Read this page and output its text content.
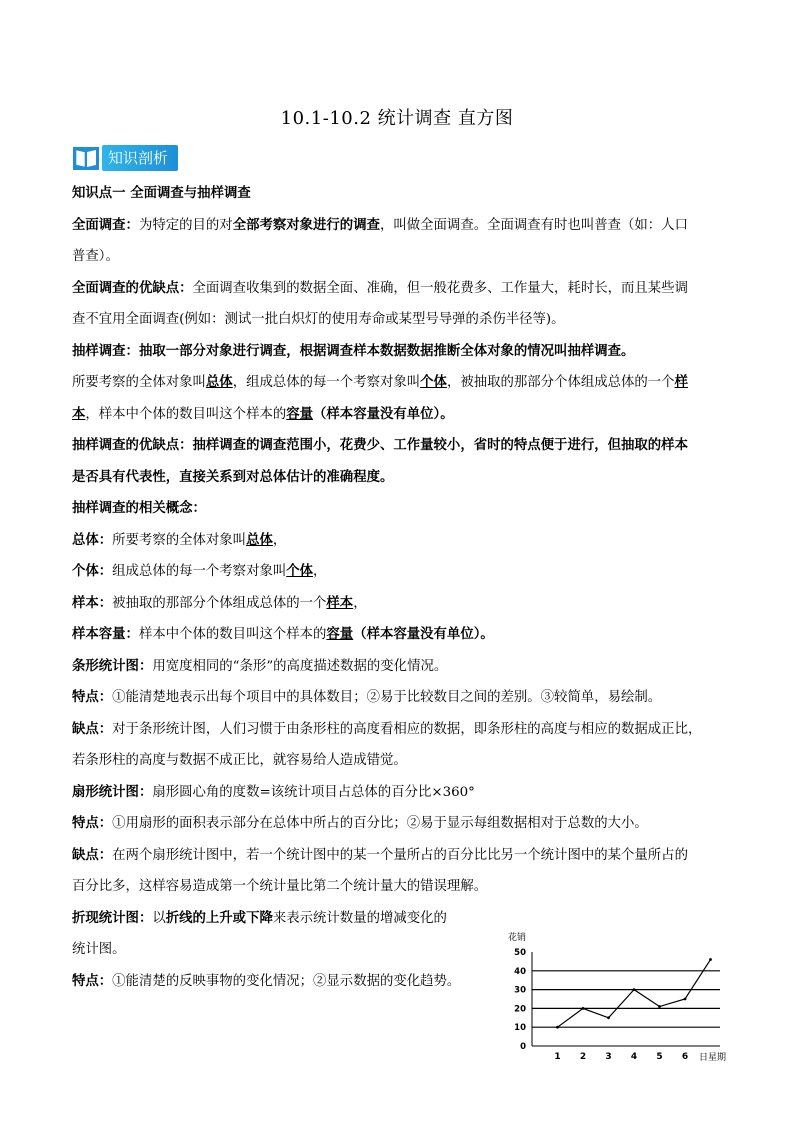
10.1-10.2 统计调查 直方图
知识剖析

知识点一 全面调查与抽样调查

全面调查：为特定的目的对全部考察对象进行的调查，叫做全面调查。全面调查有时也叫普查（如：人口

普查）。

全面调查的优缺点：全面调查收集到的数据全面、准确，但一般花费多、工作量大，耗时长，而且某些调

查不宜用全面调查(例如：测试一批白炽灯的使用寿命或某型号导弹的杀伤半径等)。

抽样调查：抽取一部分对象进行调查，根据调查样本数据数据推断全体对象的情况叫抽样调查。

所要考察的全体对象叫总体，组成总体的每一个考察对象叫个体，被抽取的那部分个体组成总体的一个样

本，样本中个体的数目叫这个样本的容量（样本容量没有单位）。

抽样调查的优缺点：抽样调查的调查范围小，花费少、工作量较小，省时的特点便于进行，但抽取的样本

是否具有代表性，直接关系到对总体估计的准确程度。

抽样调查的相关概念：

总体：所要考察的全体对象叫总体，

个体：组成总体的每一个考察对象叫个体，

样本：被抽取的那部分个体组成总体的一个样本，

样本容量：样本中个体的数目叫这个样本的容量（样本容量没有单位）。

条形统计图：用宽度相同的“条形”的高度描述数据的变化情况。

特点：①能清楚地表示出每个项目中的具体数目；②易于比较数目之间的差别。③较简单，易绘制。

缺点：对于条形统计图，人们习惯于由条形柱的高度看相应的数据，即条形柱的高度与相应的数据成正比，

若条形柱的高度与数据不成正比，就容易给人造成错觉。

扇形统计图：扇形圆心角的度数=该统计项目占总体的百分比×360°

特点：①用扇形的面积表示部分在总体中所占的百分比；②易于显示每组数据相对于总数的大小。

缺点：在两个扇形统计图中，若一个统计图中的某一个量所占的百分比比另一个统计图中的某个量所占的

百分比多，这样容易造成第一个统计量比第二个统计量大的错误理解。

折现统计图：以折线的上升或下降来表示统计数量的增减变化的

统计图。

特点：①能清楚的反映事物的变化情况；②显示数据的变化趋势。

花销
0
10
20
30
40
50
1 2 3 4 5 6 日星期
